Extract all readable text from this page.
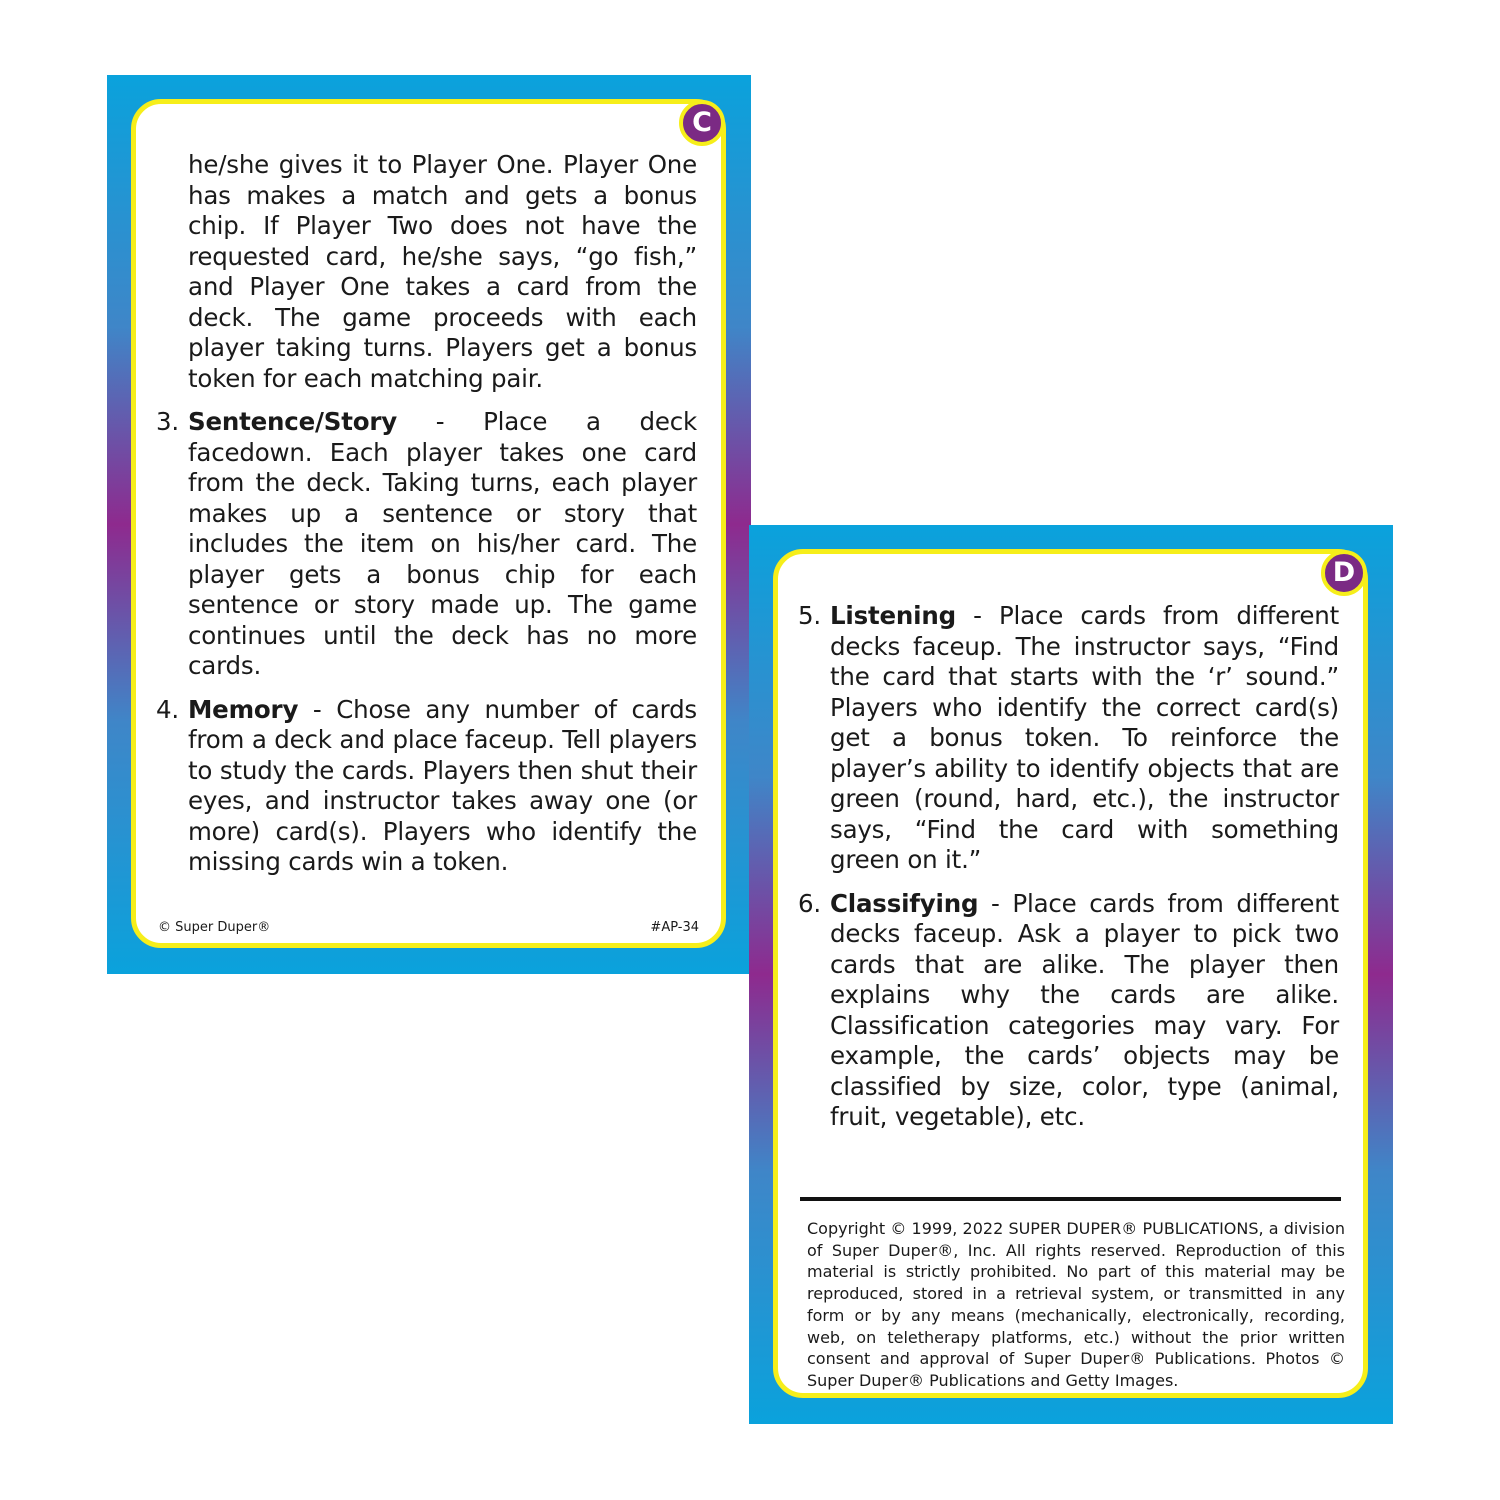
C

he/she gives it to Player One. Player One has makes a match and gets a bonus chip. If Player Two does not have the requested card, he/she says, “go fish,” and Player One takes a card from the deck. The game proceeds with each player taking turns. Players get a bonus token for each matching pair.

3. Sentence/Story - Place a deck facedown. Each player takes one card from the deck. Taking turns, each player makes up a sentence or story that includes the item on his/her card. The player gets a bonus chip for each sentence or story made up. The game continues until the deck has no more cards.
4. Memory - Chose any number of cards from a deck and place faceup. Tell players to study the cards. Players then shut their eyes, and instructor takes away one (or more) card(s). Players who identify the missing cards win a token.
© Super Duper®	#AP-34
D
5. Listening - Place cards from different decks faceup. The instructor says, “Find the card that starts with the ‘r’ sound.” Players who identify the correct card(s) get a bonus token. To reinforce the player’s ability to identify objects that are green (round, hard, etc.), the instructor says, “Find the card with something green on it.”
6. Classifying - Place cards from different decks faceup. Ask a player to pick two cards that are alike. The player then explains why the cards are alike. Classification categories may vary. For example, the cards’ objects may be classified by size, color, type (animal, fruit, vegetable), etc.
Copyright © 1999, 2022 SUPER DUPER® PUBLICATIONS, a division of Super Duper®, Inc. All rights reserved. Reproduction of this material is strictly prohibited. No part of this material may be reproduced, stored in a retrieval system, or transmitted in any form or by any means (mechanically, electronically, recording, web, on teletherapy platforms, etc.) without the prior written consent and approval of Super Duper® Publications. Photos © Super Duper® Publications and Getty Images.
